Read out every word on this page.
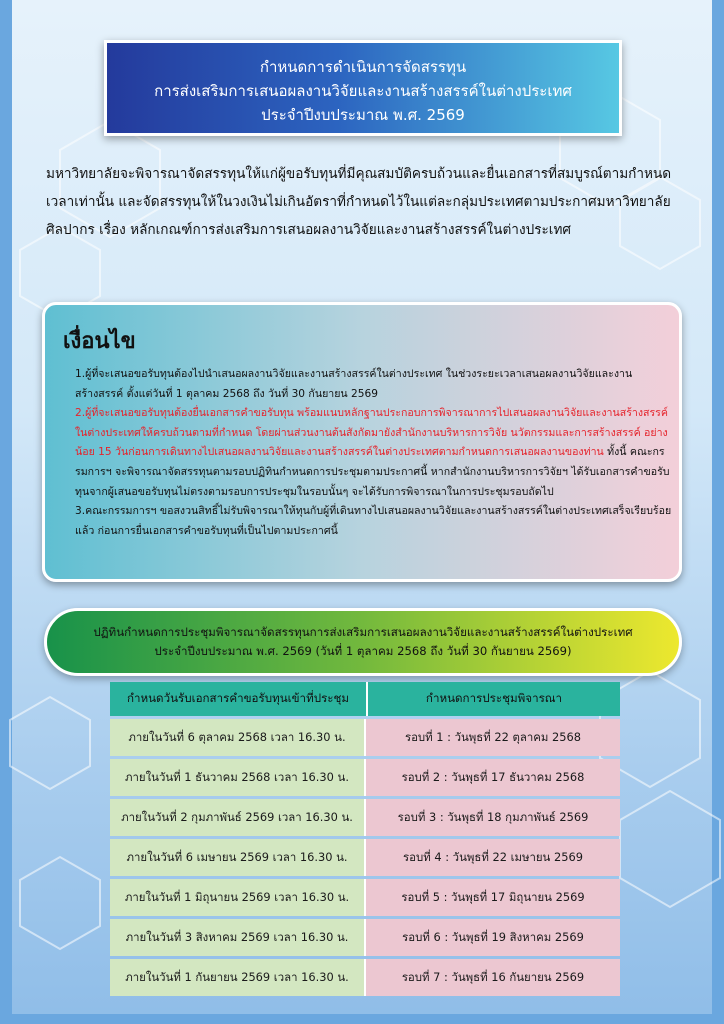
กำหนดการดำเนินการจัดสรรทุน
การส่งเสริมการเสนอผลงานวิจัยและงานสร้างสรรค์ในต่างประเทศ
ประจำปีงบประมาณ พ.ศ. 2569

มหาวิทยาลัยจะพิจารณาจัดสรรทุนให้แก่ผู้ขอรับทุนที่มีคุณสมบัติครบถ้วนและยื่นเอกสารที่สมบูรณ์ตามกำหนดเวลาเท่านั้น และจัดสรรทุนให้ในวงเงินไม่เกินอัตราที่กำหนดไว้ในแต่ละกลุ่มประเทศตามประกาศมหาวิทยาลัยศิลปากร เรื่อง หลักเกณฑ์การส่งเสริมการเสนอผลงานวิจัยและงานสร้างสรรค์ในต่างประเทศ

เงื่อนไข

1.ผู้ที่จะเสนอขอรับทุนต้องไปนำเสนอผลงานวิจัยและงานสร้างสรรค์ในต่างประเทศ ในช่วงระยะเวลาเสนอผลงานวิจัยและงานสร้างสรรค์ ตั้งแต่วันที่ 1 ตุลาคม 2568 ถึง วันที่ 30 กันยายน 2569

2.ผู้ที่จะเสนอขอรับทุนต้องยื่นเอกสารคำขอรับทุน พร้อมแนบหลักฐานประกอบการพิจารณาการไปเสนอผลงานวิจัยและงานสร้างสรรค์ในต่างประเทศให้ครบถ้วนตามที่กำหนด โดยผ่านส่วนงานต้นสังกัดมายังสำนักงานบริหารการวิจัย นวัตกรรมและการสร้างสรรค์ อย่างน้อย 15 วันก่อนการเดินทางไปเสนอผลงานวิจัยและงานสร้างสรรค์ในต่างประเทศตามกำหนดการเสนอผลงานของท่าน ทั้งนี้ คณะกรรมการฯ จะพิจารณาจัดสรรทุนตามรอบปฏิทินกำหนดการประชุมตามประกาศนี้ หากสำนักงานบริหารการวิจัยฯ ได้รับเอกสารคำขอรับทุนจากผู้เสนอขอรับทุนไม่ตรงตามรอบการประชุมในรอบนั้นๆ จะได้รับการพิจารณาในการประชุมรอบถัดไป

3.คณะกรรมการฯ ขอสงวนสิทธิ์ไม่รับพิจารณาให้ทุนกับผู้ที่เดินทางไปเสนอผลงานวิจัยและงานสร้างสรรค์ในต่างประเทศเสร็จเรียบร้อยแล้ว ก่อนการยื่นเอกสารคำขอรับทุนที่เป็นไปตามประกาศนี้

ปฏิทินกำหนดการประชุมพิจารณาจัดสรรทุนการส่งเสริมการเสนอผลงานวิจัยและงานสร้างสรรค์ในต่างประเทศ
ประจำปีงบประมาณ พ.ศ. 2569 (วันที่ 1 ตุลาคม 2568 ถึง วันที่ 30 กันยายน 2569)
กำหนดวันรับเอกสารคำขอรับทุนเข้าที่ประชุม	กำหนดการประชุมพิจารณา
ภายในวันที่ 6 ตุลาคม 2568 เวลา 16.30 น.	รอบที่ 1 : วันพุธที่ 22 ตุลาคม 2568
ภายในวันที่ 1 ธันวาคม 2568 เวลา 16.30 น.	รอบที่ 2 : วันพุธที่ 17 ธันวาคม 2568
ภายในวันที่ 2 กุมภาพันธ์ 2569 เวลา 16.30 น.	รอบที่ 3 : วันพุธที่ 18 กุมภาพันธ์ 2569
ภายในวันที่ 6 เมษายน 2569 เวลา 16.30 น.	รอบที่ 4 : วันพุธที่ 22 เมษายน 2569
ภายในวันที่ 1 มิถุนายน 2569 เวลา 16.30 น.	รอบที่ 5 : วันพุธที่ 17 มิถุนายน 2569
ภายในวันที่ 3 สิงหาคม 2569 เวลา 16.30 น.	รอบที่ 6 : วันพุธที่ 19 สิงหาคม 2569
ภายในวันที่ 1 กันยายน 2569 เวลา 16.30 น.	รอบที่ 7 : วันพุธที่ 16 กันยายน 2569
